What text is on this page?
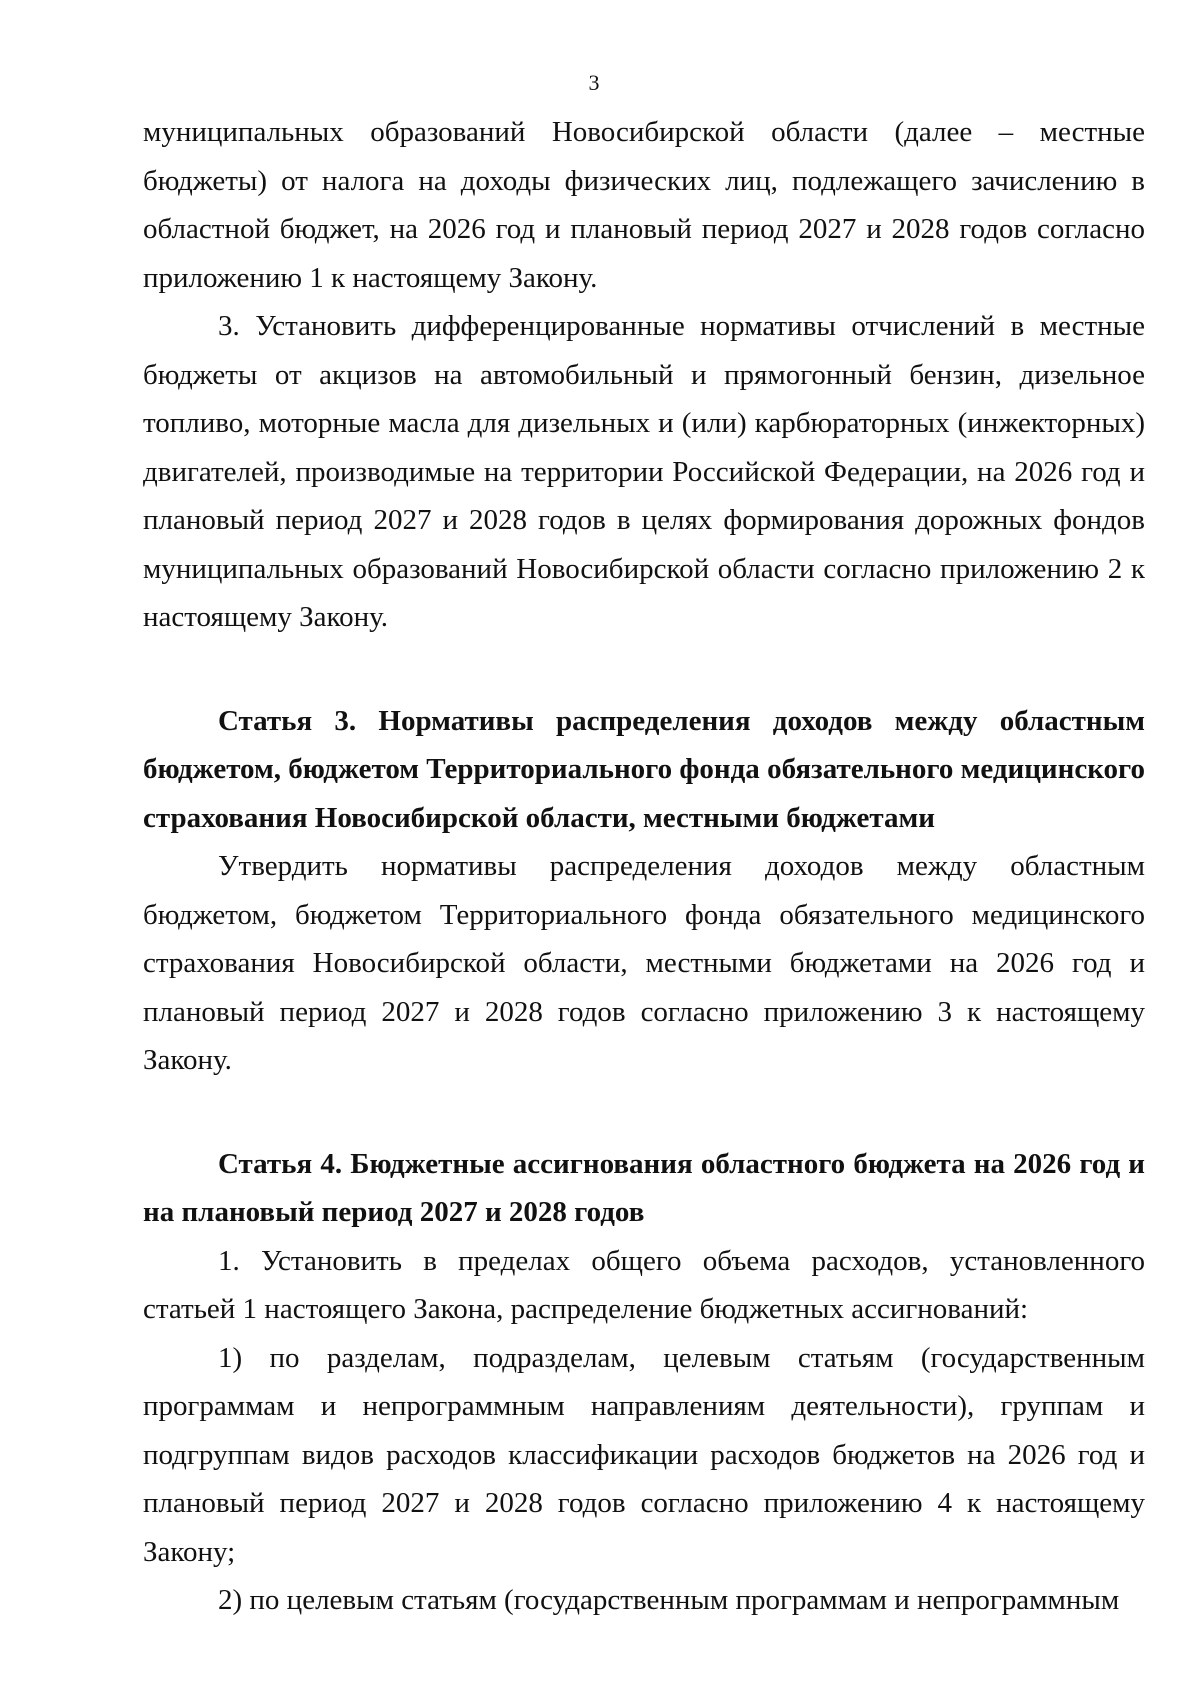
3

муниципальных образований Новосибирской области (далее – местные бюджеты) от налога на доходы физических лиц, подлежащего зачислению в областной бюджет, на 2026 год и плановый период 2027 и 2028 годов согласно приложению 1 к настоящему Закону.

3. Установить дифференцированные нормативы отчислений в местные бюджеты от акцизов на автомобильный и прямогонный бензин, дизельное топливо, моторные масла для дизельных и (или) карбюраторных (инжекторных) двигателей, производимые на территории Российской Федерации, на 2026 год и плановый период 2027 и 2028 годов в целях формирования дорожных фондов муниципальных образований Новосибирской области согласно приложению 2 к настоящему Закону.

Статья 3. Нормативы распределения доходов между областным бюджетом, бюджетом Территориального фонда обязательного медицинского страхования Новосибирской области, местными бюджетами

Утвердить нормативы распределения доходов между областным бюджетом, бюджетом Территориального фонда обязательного медицинского страхования Новосибирской области, местными бюджетами на 2026 год и плановый период 2027 и 2028 годов согласно приложению 3 к настоящему Закону.

Статья 4. Бюджетные ассигнования областного бюджета на 2026 год и на плановый период 2027 и 2028 годов

1. Установить в пределах общего объема расходов, установленного статьей 1 настоящего Закона, распределение бюджетных ассигнований:

1) по разделам, подразделам, целевым статьям (государственным программам и непрограммным направлениям деятельности), группам и подгруппам видов расходов классификации расходов бюджетов на 2026 год и плановый период 2027 и 2028 годов согласно приложению 4 к настоящему Закону;

2) по целевым статьям (государственным программам и непрограммным
